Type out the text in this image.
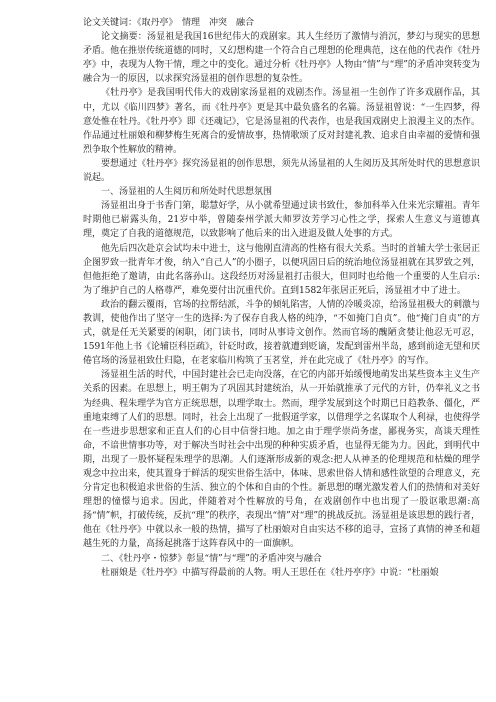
论文关键词：《取丹亭》　情理　冲突　融合

论文摘要：汤显祖是我国16世纪伟大的戏剧家。其人生经历了激情与消沉，梦幻与现实的思想矛盾。他在推崇传统道德的同时，又幻想构建一个符合自己理想的伦理典范，这在他的代表作《牡丹亭》中，表现为人物干情，理之中的变化。通过分析《牡丹亭》人物由“情”与“理”的矛盾冲突转变为融合为一的原因，以求探究汤显祖的创作思想的复杂性。

《牡丹亭》是我国明代伟大的戏剧家汤显祖的戏剧杰作。汤显祖一生创作了许多戏剧作品，其中，尤以《临川四梦》著名，而《牡丹亭》更是其中最负盛名的名篇。汤显祖曾说：“一生四梦，得意处惟在牡丹。《牡丹亭》即《还魂记》，它是汤显祖的代表作，也是我国戏剧史上浪漫主义的杰作。作品通过杜丽娘和柳梦梅生死离合的爱情故事，热情歌颂了反对封建礼教、追求自由幸福的爱情和强烈争取个性解放的精神。

要想通过《牡丹亭》探究汤显祖的创作思想，须先从汤显祖的人生阅历及其所处时代的思想意识说起。

一、汤显祖的人生阅历和所处时代思想氛围

汤显祖出身于书香门第，聪慧好学，从小就希望通过读书致仕，参加科举入仕来光宗耀祖。青年时期他已崭露头角，21岁中举，曾随泰州学派大师罗汝芳学习心性之学，探索人生意义与道德真理，奠定了自我的道德规范，以致影响了他后来的出入进退及做人处事的方式。

他先后四次赴京会试均未中进士，这与他刚直清高的性格有很大关系。当时的首辅大学士张居正企图罗致一批青年才俊，纳入“自己人”的小圈子，以便巩固日后的统治地位汤显祖就在其罗致之列，但他拒绝了邀请，由此名落孙山。这段经历对汤显祖打击很大，但同时也给他一个重要的人生启示:为了维护自己的人格尊严，难免要付出沉重代价。直到1582年张居正死后，汤显祖才中了进士。

政治的翻云覆雨，官场的拉帮结派，斗争的倾轧陷害，人情的冷暖炎凉，给汤显祖极大的刺激与教训，使他作出了坚守一生的选择:为了保存自我人格的纯净，“不如掩门自贞”。他“掩门自贞”的方式，就是任无关紧要的闲职，闭门读书，同时从事诗文创作。然而官场的醜陋贪婪让他忍无可忍，1591年他上书《论辅臣科臣疏》，针砭时政，接着就遭到贬谪，发配到雷州半岛，感到前途无望和厌倦官场的汤显祖致仕归隐，在老家临川构筑了玉茗堂，并在此完成了《牡丹亭》的写作。

汤显祖生活的时代，中国封建社会已走向没落，在它的内部开始缓慢地萌发出某些资本主义生产关系的因素。在思想上，明王朝为了巩固其封建统治，从一开始就推承了元代的方针，仍奉礼义之书为经典、程朱理学为官方正统思想，以理学取士。然而，理学发展到这个时期已日趋教条、僵化，严重地束缚了人们的思想。同时，社会上出现了一批假道学家，以借理学之名谋取个人利禄，也使得学在一些进步思想家和正直人们的心目中信誉扫地。加之由于理学崇尚务虚，鄙视务实，高谈天理性命，不谙世情事功等，对于解决当时社会中出现的种种实质矛盾，也显得无能为力。因此，到明代中期，出现了一股怀疑程朱理学的思潮。人们逐渐形成新的观念:把人从神圣的伦理规范和枯燥的理学观念中拉出来，使其置身于鲜活的现实世俗生活中，体味、思索世俗人情和感性欲望的合理意义，充分肯定也积极追求世俗的生活、独立的个体和自由的个性。新思想的曙光激发着人们的热情和对美好理想的憧憬与追求。因此，伴随着对个性解放的号角，在戏剧创作中也出现了一股讴歌思潮:高扬“情”帜，打破传统，反抗“理”的秩序，表现出“情”对“理”的挑战反抗。汤显祖是该思想的践行者，他在《牡丹亭》中就以永一般的热情，描写了杜丽娘对自由实达不移的追寻，宣扬了真情的神圣和超越生死的力量，高扬起挑落于这阵春风中的一面旗帜。

二、《牡丹亭・惊梦》彰显“情”与“理”的矛盾冲突与融合

杜丽娘是《牡丹亭》中描写得最前的人物。明人王思任在《牡丹亭序》中说：“杜丽娘
